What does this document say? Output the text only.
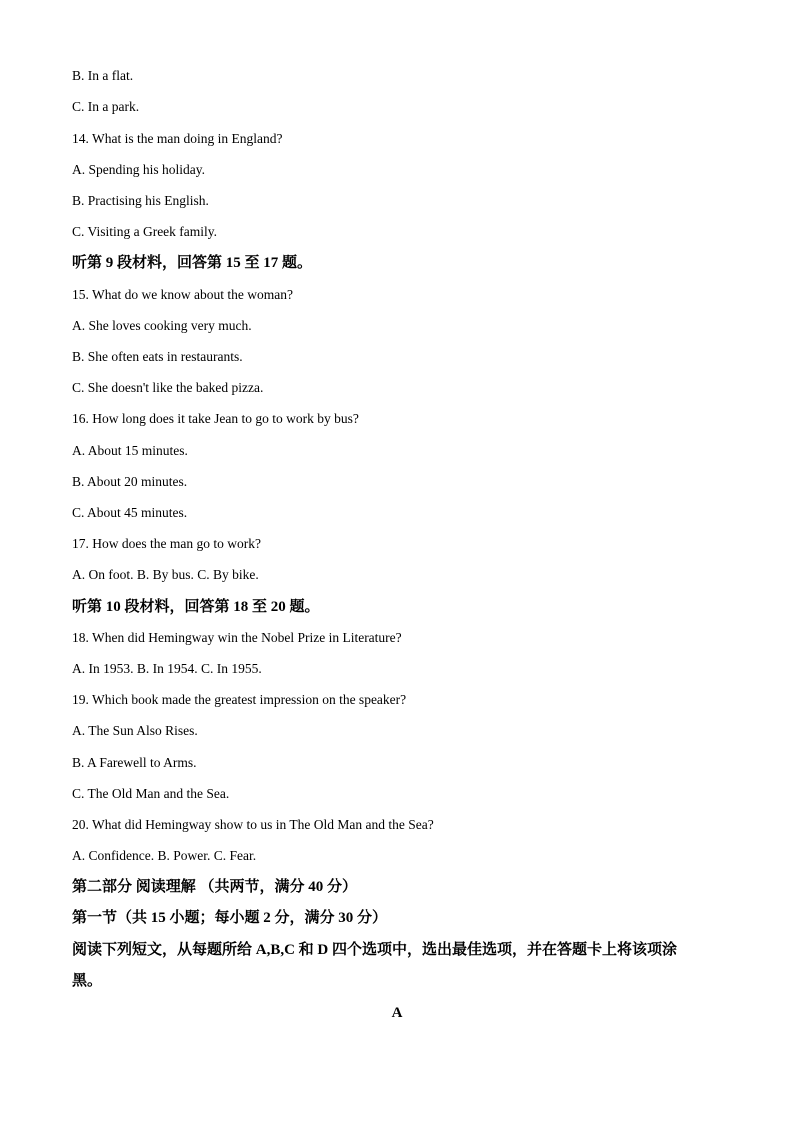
B. In a flat.

C. In a park.

14. What is the man doing in England?

A. Spending his holiday.

B. Practising his English.

C. Visiting a Greek family.

听第 9 段材料，回答第 15 至 17 题。

15. What do we know about the woman?

A. She loves cooking very much.

B. She often eats in restaurants.

C. She doesn't like the baked pizza.

16. How long does it take Jean to go to work by bus?

A. About 15 minutes.

B. About 20 minutes.

C. About 45 minutes.

17. How does the man go to work?

A. On foot. B. By bus. C. By bike.

听第 10 段材料，回答第 18 至 20 题。

18. When did Hemingway win the Nobel Prize in Literature?

A. In 1953. B. In 1954. C. In 1955.

19. Which book made the greatest impression on the speaker?

A. The Sun Also Rises.

B. A Farewell to Arms.

C. The Old Man and the Sea.

20. What did Hemingway show to us in The Old Man and the Sea?

A. Confidence. B. Power. C. Fear.

第二部分 阅读理解 （共两节，满分 40 分）

第一节（共 15 小题；每小题 2 分，满分 30 分）

阅读下列短文，从每题所给 A,B,C 和 D 四个选项中，选出最佳选项，并在答题卡上将该项涂

黑。

A
